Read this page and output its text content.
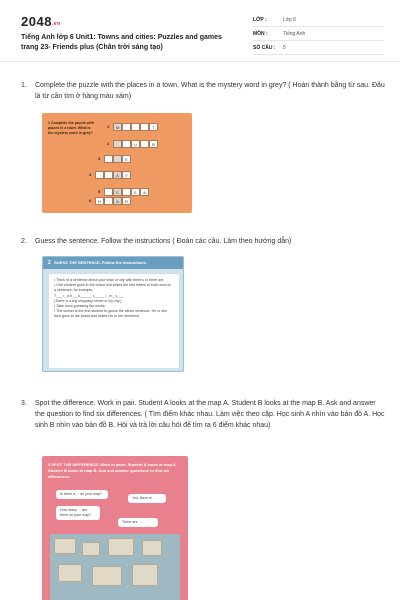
2048.vn
Tiếng Anh lớp 6 Unit1: Towns and cities: Puzzles and games trang 23- Friends plus (Chân trời sáng tạo)
LỚP :	Lớp 6
MÔN :	Tiếng Anh
SỐ CÂU :	5
1. Complete the puzzle with the places in a town. What is the mystery word in grey? ( Hoàn thành bằng từ sau. Đâu là từ cần tìm ở hàng màu xám)
1 Complete the puzzle with places in a town. What is the mystery word in grey?
1	M	T
2	U	R
3	E
4	A	Y
5	C	E	A
6	H	A	R
2. Guess the sentence. Follow the instructions ( Đoán các câu. Làm theo hướng dẫn)
2 GUESS THE SENTENCE. Follow the instructions.

• Think of a sentence about your town or city with there's or there are.

• One student goes to the board and writes the first letters of each word in a sentence, for example,

T___ i_ a h_ _ s______ c_____ i_ m_ c___

(There is a big shopping centre in my city.)

• Take turns guessing the words.

• The winner is the first student to guess the whole sentence. He or she then goes to the board and writes his or her sentence.

3. Spot the difference. Work in pair. Student A looks at the map A. Student B looks at the map B. Ask and answer the question to find six differences. ( Tìm điểm khác nhau. Làm việc theo cặp. Học sinh A nhìn vào bản đồ A. Học sinh B nhìn vào bản đồ B. Hỏi và trả lời câu hỏi để tìm ra 6 điểm khác nhau)
3 SPOT THE DIFFERENCE. Work in pairs. Student A looks at map A. Student B looks at map B. Ask and answer questions to find six differences.
Is there a ... on your map?
Yes, there is.
How many ... are there on your map?
There are ....
